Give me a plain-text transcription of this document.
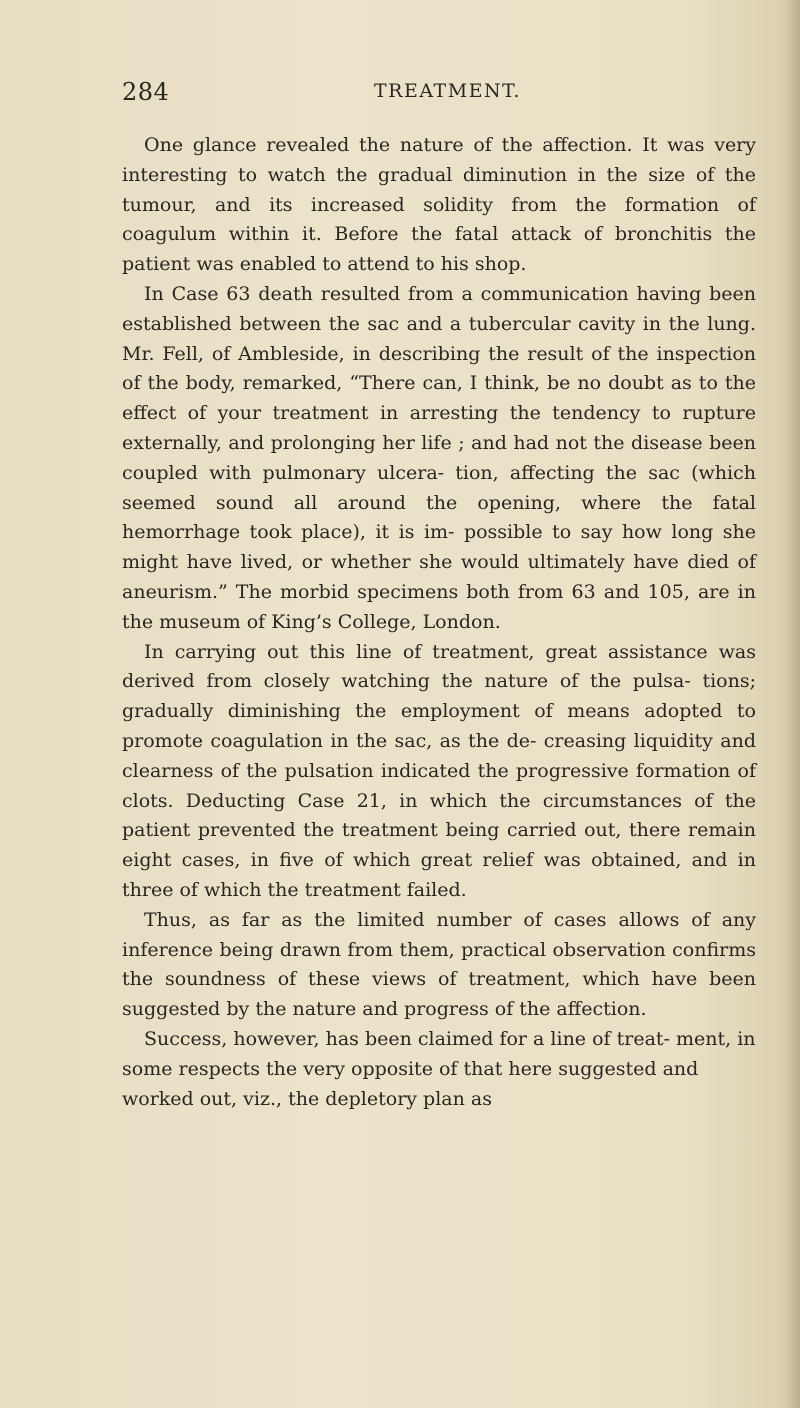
284	TREATMENT.

One glance revealed the nature of the affection. It was very interesting to watch the gradual diminution in the size of the tumour, and its increased solidity from the formation of coagulum within it. Before the fatal attack of bronchitis the patient was enabled to attend to his shop.

In Case 63 death resulted from a communication having been established between the sac and a tubercular cavity in the lung. Mr. Fell, of Ambleside, in describing the result of the inspection of the body, remarked, “There can, I think, be no doubt as to the effect of your treatment in arresting the tendency to rupture externally, and prolonging her life ; and had not the disease been coupled with pulmonary ulcera- tion, affecting the sac (which seemed sound all around the opening, where the fatal hemorrhage took place), it is im- possible to say how long she might have lived, or whether she would ultimately have died of aneurism.” The morbid specimens both from 63 and 105, are in the museum of King’s College, London.

In carrying out this line of treatment, great assistance was derived from closely watching the nature of the pulsa- tions; gradually diminishing the employment of means adopted to promote coagulation in the sac, as the de- creasing liquidity and clearness of the pulsation indicated the progressive formation of clots. Deducting Case 21, in which the circumstances of the patient prevented the treatment being carried out, there remain eight cases, in five of which great relief was obtained, and in three of which the treatment failed.

Thus, as far as the limited number of cases allows of any inference being drawn from them, practical observation confirms the soundness of these views of treatment, which have been suggested by the nature and progress of the affection.

Success, however, has been claimed for a line of treat- ment, in some respects the very opposite of that here suggested and worked out, viz., the depletory plan as
